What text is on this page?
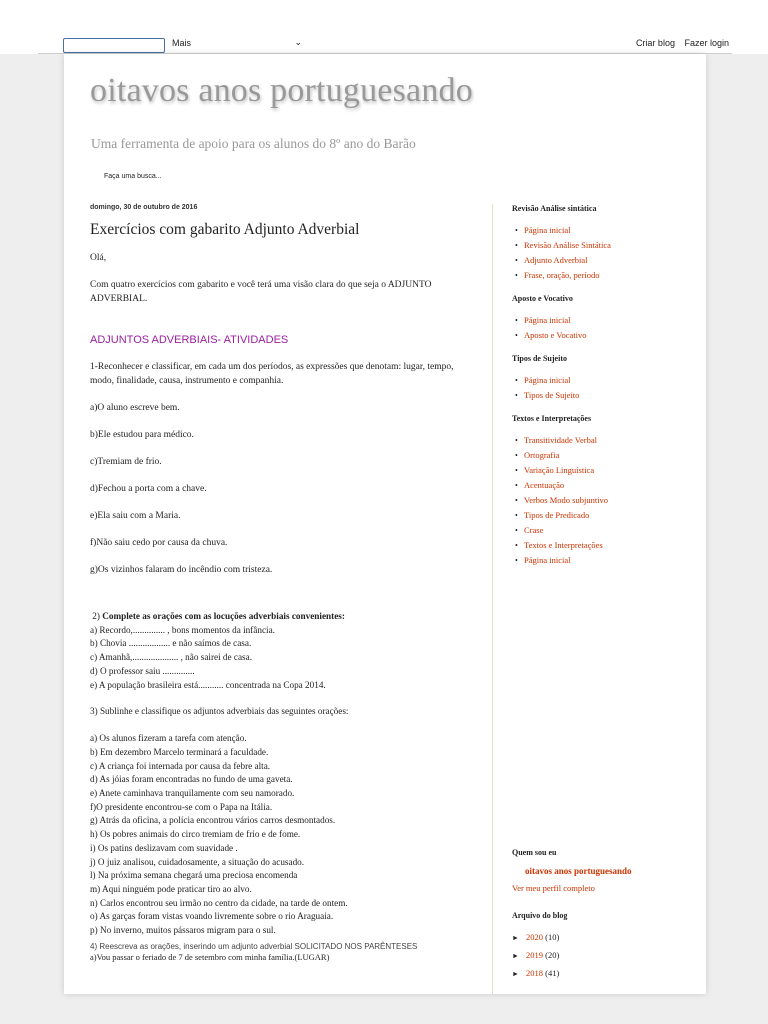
Mais	⌄	Criar blog Fazer login
oitavos anos portuguesando
Uma ferramenta de apoio para os alunos do 8º ano do Barão
Faça uma busca...
domingo, 30 de outubro de 2016
Exercícios com gabarito Adjunto Adverbial
Olá,
Com quatro exercícios com gabarito e você terá uma visão clara do que seja o ADJUNTO ADVERBIAL.
ADJUNTOS ADVERBIAIS- ATIVIDADES
1-Reconhecer e classificar, em cada um dos períodos, as expressões que denotam: lugar, tempo, modo, finalidade, causa, instrumento e companhia.
a)O aluno escreve bem.
b)Ele estudou para médico.
c)Tremiam de frio.
d)Fechou a porta com a chave.
e)Ela saiu com a Maria.
f)Não saiu cedo por causa da chuva.
g)Os vizinhos falaram do incêndio com tristeza.
2) Complete as orações com as locuções adverbiais convenientes:
a) Recordo,.............. , bons momentos da infância.
b) Chovia .................. e não saímos de casa.
c) Amanhã,.................... , não sairei de casa.
d) O professor saiu ..............
e) A população brasileira está........... concentrada na Copa 2014.
3) Sublinhe e classifique os adjuntos adverbiais das seguintes orações:
a) Os alunos fizeram a tarefa com atenção.
b) Em dezembro Marcelo terminará a faculdade.
c) A criança foi internada por causa da febre alta.
d) As jóias foram encontradas no fundo de uma gaveta.
e) Anete caminhava tranquilamente com seu namorado.
f)O presidente encontrou-se com o Papa na Itália.
g) Atrás da oficina, a polícia encontrou vários carros desmontados.
h) Os pobres animais do circo tremiam de frio e de fome.
i) Os patins deslizavam com suavidade .
j) O juiz analisou, cuidadosamente, a situação do acusado.
l) Na próxima semana chegará uma preciosa encomenda
m) Aqui ninguém pode praticar tiro ao alvo.
n) Carlos encontrou seu irmão no centro da cidade, na tarde de ontem.
o) As garças foram vistas voando livremente sobre o rio Araguaia.
p) No inverno, muitos pássaros migram para o sul.
4) Reescreva as orações, inserindo um adjunto adverbial SOLICITADO NOS PARÊNTESES
a)Vou passar o feriado de 7 de setembro com minha família.(LUGAR)
Revisão Análise sintática
• Página inicial
• Revisão Análise Sintática
• Adjunto Adverbial
• Frase, oração, período
Aposto e Vocativo
• Página inicial
• Aposto e Vocativo
Tipos de Sujeito
• Página inicial
• Tipos de Sujeito
Textos e Interpretações
• Transitividade Verbal
• Ortografia
• Variação Linguística
• Acentuação
• Verbos Modo subjuntivo
• Tipos de Predicado
• Crase
• Textos e Interpretações
• Página inicial
Quem sou eu
oitavos anos portuguesando
Ver meu perfil completo
Arquivo do blog
► 2020 (10)
► 2019 (20)
► 2018 (41)
